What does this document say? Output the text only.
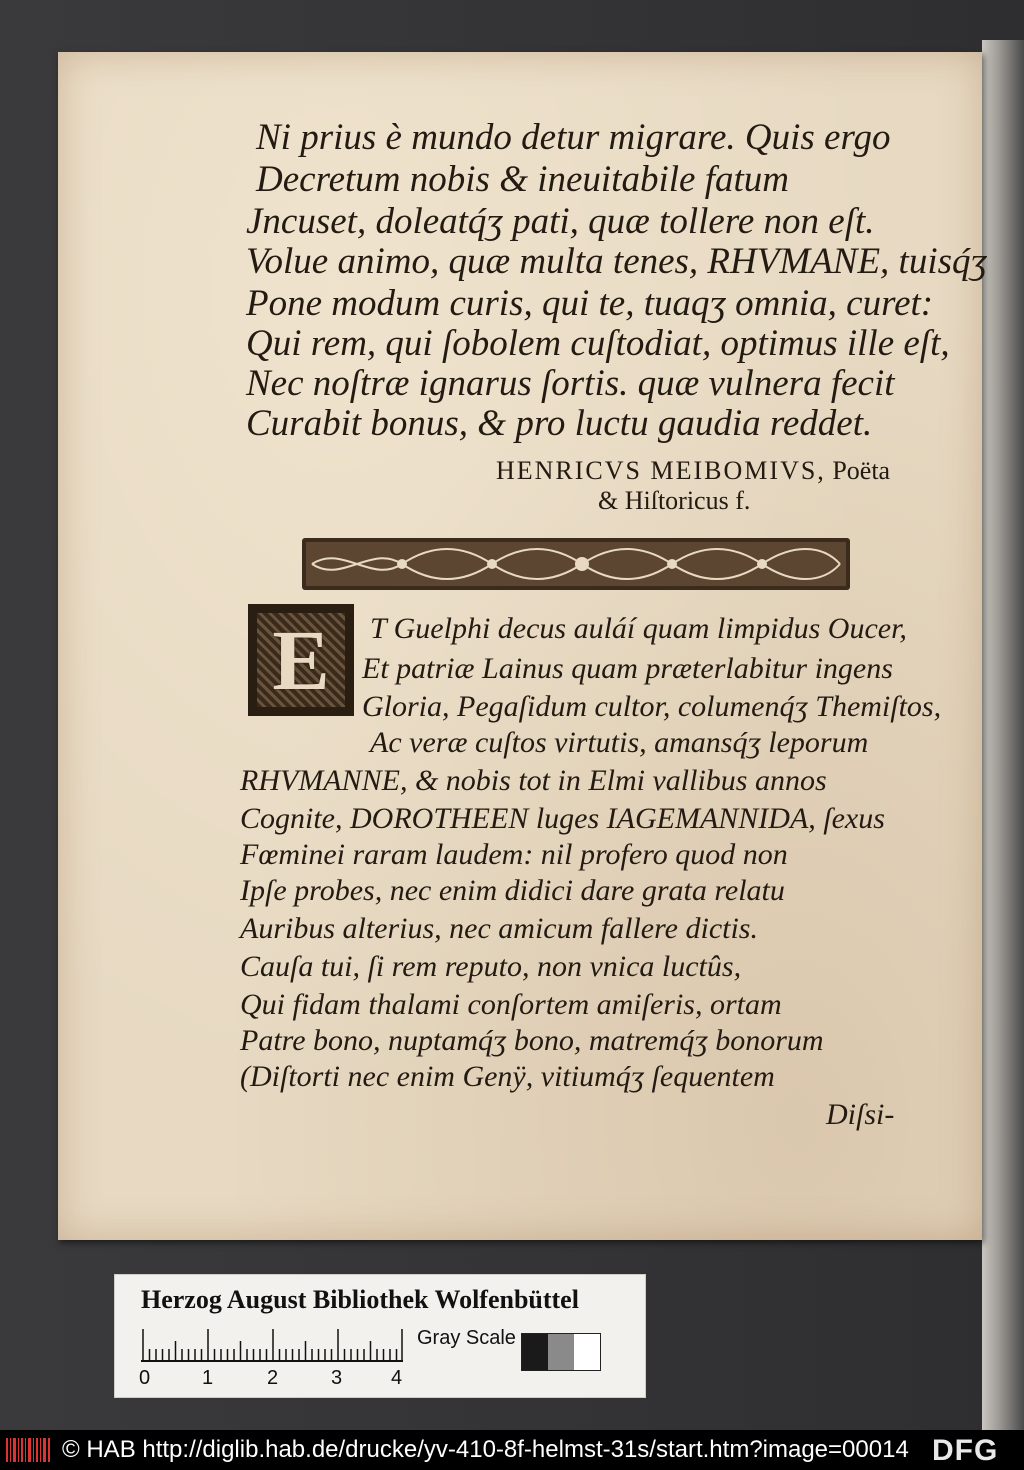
Ni prius è mundo detur migrare. Quis ergo

Decretum nobis & ineuitabile fatum

Jncuset, doleatq́ʒ pati, quæ tollere non eſt.

Volue animo, quæ multa tenes, RHVMANE, tuisq́ʒ

Pone modum curis, qui te, tuaqʒ omnia, curet:

Qui rem, qui ſobolem cuſtodiat, optimus ille eſt,

Nec noſtræ ignarus ſortis. quæ vulnera fecit

Curabit bonus, & pro luctu gaudia reddet.

HENRICVS MEIBOMIVS, Poëta

& Hiſtoricus f.

E	T Guelphi decus auláí quam limpidus Oucer,

Et patriæ Lainus quam præterlabitur ingens

Gloria, Pegaſidum cultor, columenq́ʒ Themiſtos,

Ac veræ cuſtos virtutis, amansq́ʒ leporum

RHVMANNE, & nobis tot in Elmi vallibus annos

Cognite, DOROTHEEN luges IAGEMANNIDA, ſexus

Fœminei raram laudem: nil profero quod non

Ipſe probes, nec enim didici dare grata relatu

Auribus alterius, nec amicum fallere dictis.

Cauſa tui, ſi rem reputo, non vnica luctûs,

Qui fidam thalami conſortem amiſeris, ortam

Patre bono, nuptamq́ʒ bono, matremq́ʒ bonorum

(Diſtorti nec enim Genÿ, vitiumq́ʒ ſequentem

Diſsi-

Herzog August Bibliothek Wolfenbüttel
0	1	2	3 4
Gray Scale
© HAB http://diglib.hab.de/drucke/yv-410-8f-helmst-31s/start.htm?image=00014 DFG
